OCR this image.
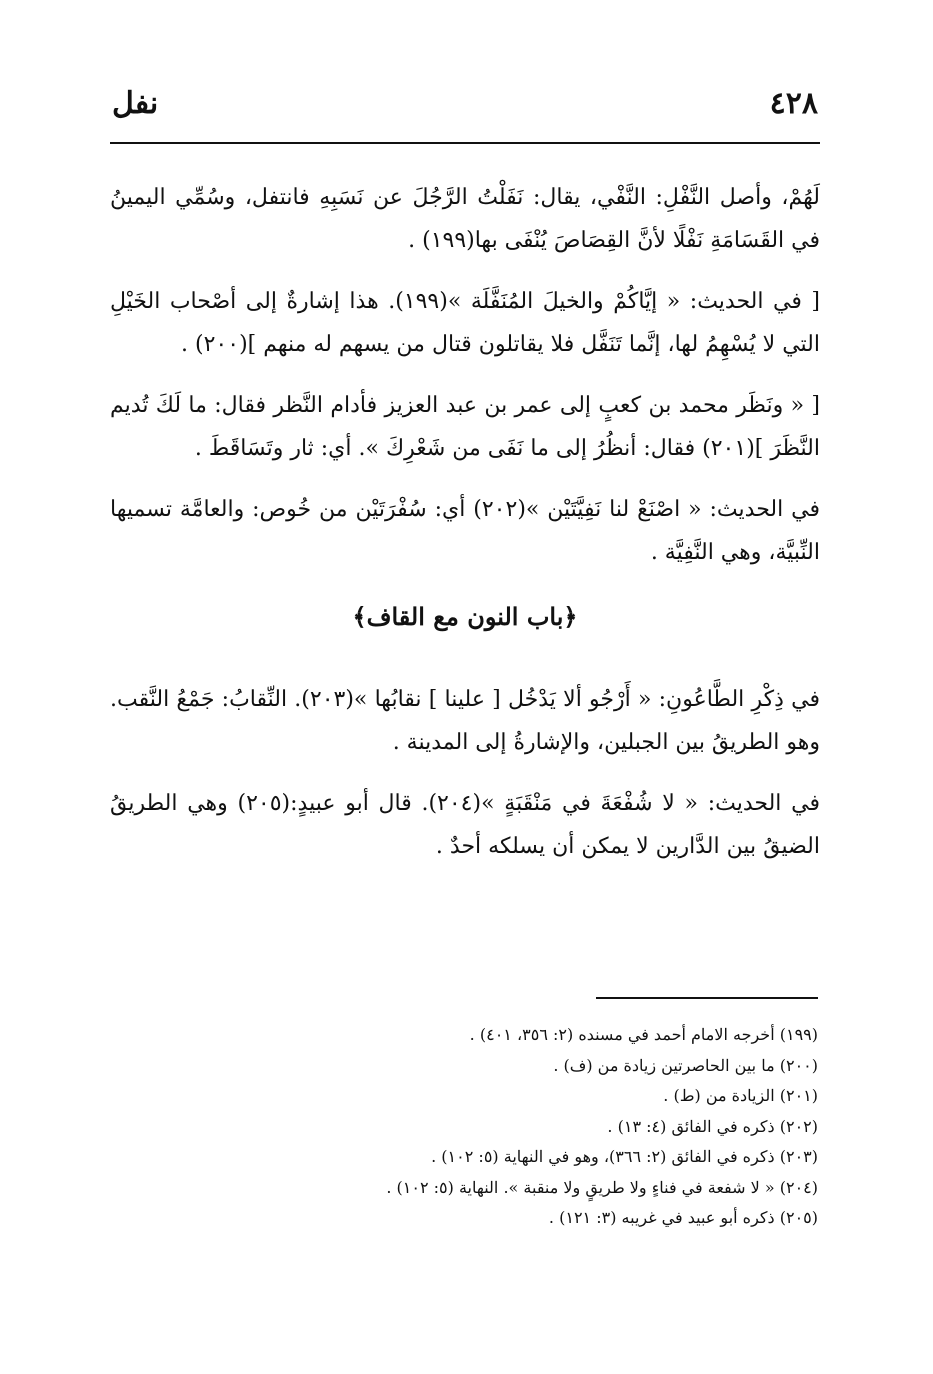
٤٢٨
نفل

لَهُمْ، وأصل النَّفْلِ: النَّفْي، يقال: نَفَلْتُ الرَّجُلَ عن نَسَبِهِ فانتفل، وسُمِّي اليمينُ في القَسَامَةِ نَفْلًا لأنَّ القِصَاصَ يُنْفَى بها(١٩٩) .

[ في الحديث: « إيَّاكُمْ والخيلَ المُنَفَّلَة »(١٩٩). هذا إشارةٌ إلى أصْحاب الخَيْلِ التي لا يُسْهِمُ لها، إنَّما تَنَفَّل فلا يقاتلون قتال من يسهم له منهم ](٢٠٠) .

[ « ونَظَر محمد بن كعبٍ إلى عمر بن عبد العزيز فأدام النَّظر فقال: ما لَكَ تُديم النَّظَرَ ](٢٠١) فقال: أنظُرُ إلى ما نَفَى من شَعْرِكَ ». أي: ثار وتَسَاقَطَ .

في الحديث: « اصْنَعْ لنا نَفِيَّتَيْن »(٢٠٢) أي: سُفْرَتَيْن من خُوص: والعامَّة تسميها النِّبيَّة، وهي النَّفِيَّة .

﴿باب النون مع القاف﴾

في ذِكْرِ الطَّاعُونِ: « أَرْجُو ألا يَدْخُل [ علينا ] نقابُها »(٢٠٣). النِّقابُ: جَمْعُ النَّقب. وهو الطريقُ بين الجبلين، والإشارةُ إلى المدينة .

في الحديث: « لا شُفْعَةَ في مَنْقَبَةٍ »(٢٠٤). قال أبو عبيدٍ:(٢٠٥) وهي الطريقُ الضيقُ بين الدَّارين لا يمكن أن يسلكه أحدٌ .

(١٩٩) أخرجه الامام أحمد في مسنده (٢: ٣٥٦، ٤٠١) .
(٢٠٠) ما بين الحاصرتين زيادة من (ف) .
(٢٠١) الزيادة من (ط) .
(٢٠٢) ذكره في الفائق (٤: ١٣) .
(٢٠٣) ذكره في الفائق (٢: ٣٦٦)، وهو في النهاية (٥: ١٠٢) .
(٢٠٤) « لا شفعة في فناءٍ ولا طريقٍ ولا منقبة ». النهاية (٥: ١٠٢) .
(٢٠٥) ذكره أبو عبيد في غريبه (٣: ١٢١) .
